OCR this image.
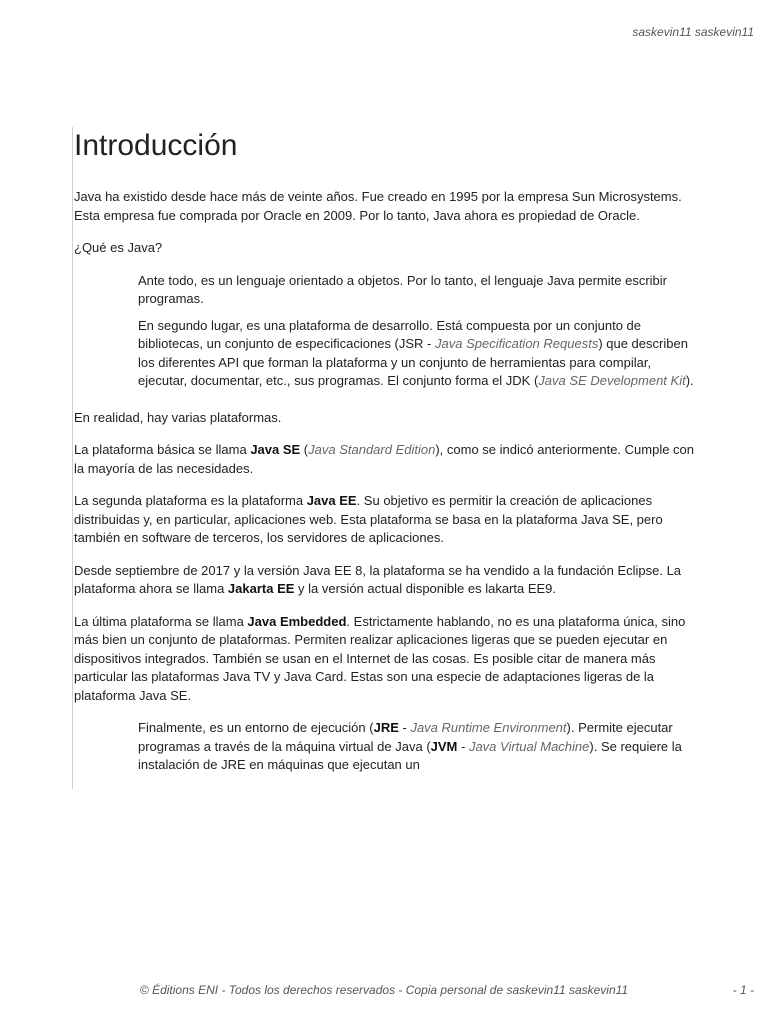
saskevin11 saskevin11
Introducción

Java ha existido desde hace más de veinte años. Fue creado en 1995 por la empresa Sun Microsystems. Esta empresa fue comprada por Oracle en 2009. Por lo tanto, Java ahora es propiedad de Oracle.

¿Qué es Java?

Ante todo, es un lenguaje orientado a objetos. Por lo tanto, el lenguaje Java permite escribir programas.

En segundo lugar, es una plataforma de desarrollo. Está compuesta por un conjunto de bibliotecas, un conjunto de especificaciones (JSR - Java Specification Requests) que describen los diferentes API que forman la plataforma y un conjunto de herramientas para compilar, ejecutar, documentar, etc., sus programas. El conjunto forma el JDK (Java SE Development Kit).

En realidad, hay varias plataformas.

La plataforma básica se llama Java SE (Java Standard Edition), como se indicó anteriormente. Cumple con la mayoría de las necesidades.

La segunda plataforma es la plataforma Java EE. Su objetivo es permitir la creación de aplicaciones distribuidas y, en particular, aplicaciones web. Esta plataforma se basa en la plataforma Java SE, pero también en software de terceros, los servidores de aplicaciones.

Desde septiembre de 2017 y la versión Java EE 8, la plataforma se ha vendido a la fundación Eclipse. La plataforma ahora se llama Jakarta EE y la versión actual disponible es lakarta EE9.

La última plataforma se llama Java Embedded. Estrictamente hablando, no es una plataforma única, sino más bien un conjunto de plataformas. Permiten realizar aplicaciones ligeras que se pueden ejecutar en dispositivos integrados. También se usan en el Internet de las cosas. Es posible citar de manera más particular las plataformas Java TV y Java Card. Estas son una especie de adaptaciones ligeras de la plataforma Java SE.

Finalmente, es un entorno de ejecución (JRE - Java Runtime Environment). Permite ejecutar programas a través de la máquina virtual de Java (JVM - Java Virtual Machine). Se requiere la instalación de JRE en máquinas que ejecutan un

© Éditions ENI - Todos los derechos reservados - Copia personal de saskevin11 saskevin11	- 1 -
